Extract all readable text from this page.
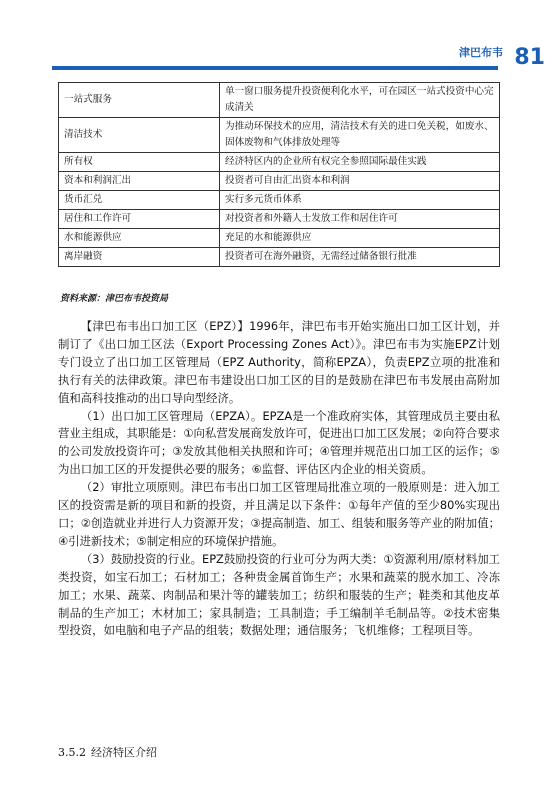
津巴布韦 81
一站式服务	单一窗口服务提升投资便利化水平，可在园区一站式投资中心完成清关
清洁技术	为推动环保技术的应用，清洁技术有关的进口免关税，如废水、固体废物和气体排放处理等
所有权	经济特区内的企业所有权完全参照国际最佳实践
资本和利润汇出	投资者可自由汇出资本和利润
货币汇兑	实行多元货币体系
居住和工作许可	对投资者和外籍人士发放工作和居住许可
水和能源供应	充足的水和能源供应
离岸融资	投资者可在海外融资，无需经过储备银行批准
资料来源：津巴布韦投资局

【津巴布韦出口加工区（EPZ）】1996年，津巴布韦开始实施出口加工区计划，并制订了《出口加工区法（Export Processing Zones Act）》。津巴布韦为实施EPZ计划专门设立了出口加工区管理局（EPZ Authority，简称EPZA），负责EPZ立项的批准和执行有关的法律政策。津巴布韦建设出口加工区的目的是鼓励在津巴布韦发展由高附加值和高科技推动的出口导向型经济。

（1）出口加工区管理局（EPZA）。EPZA是一个准政府实体，其管理成员主要由私营业主组成，其职能是：①向私营发展商发放许可，促进出口加工区发展；②向符合要求的公司发放投资许可；③发放其他相关执照和许可；④管理并规范出口加工区的运作；⑤为出口加工区的开发提供必要的服务；⑥监督、评估区内企业的相关资质。

（2）审批立项原则。津巴布韦出口加工区管理局批准立项的一般原则是：进入加工区的投资需是新的项目和新的投资，并且满足以下条件：①每年产值的至少80%实现出口；②创造就业并进行人力资源开发；③提高制造、加工、组装和服务等产业的附加值；④引进新技术；⑤制定相应的环境保护措施。

（3）鼓励投资的行业。EPZ鼓励投资的行业可分为两大类：①资源利用/原材料加工类投资，如宝石加工；石材加工；各种贵金属首饰生产；水果和蔬菜的脱水加工、冷冻加工；水果、蔬菜、肉制品和果汁等的罐装加工；纺织和服装的生产；鞋类和其他皮革制品的生产加工；木材加工；家具制造；工具制造；手工编制羊毛制品等。②技术密集型投资，如电脑和电子产品的组装；数据处理；通信服务；飞机维修；工程项目等。

3.5.2 经济特区介绍
